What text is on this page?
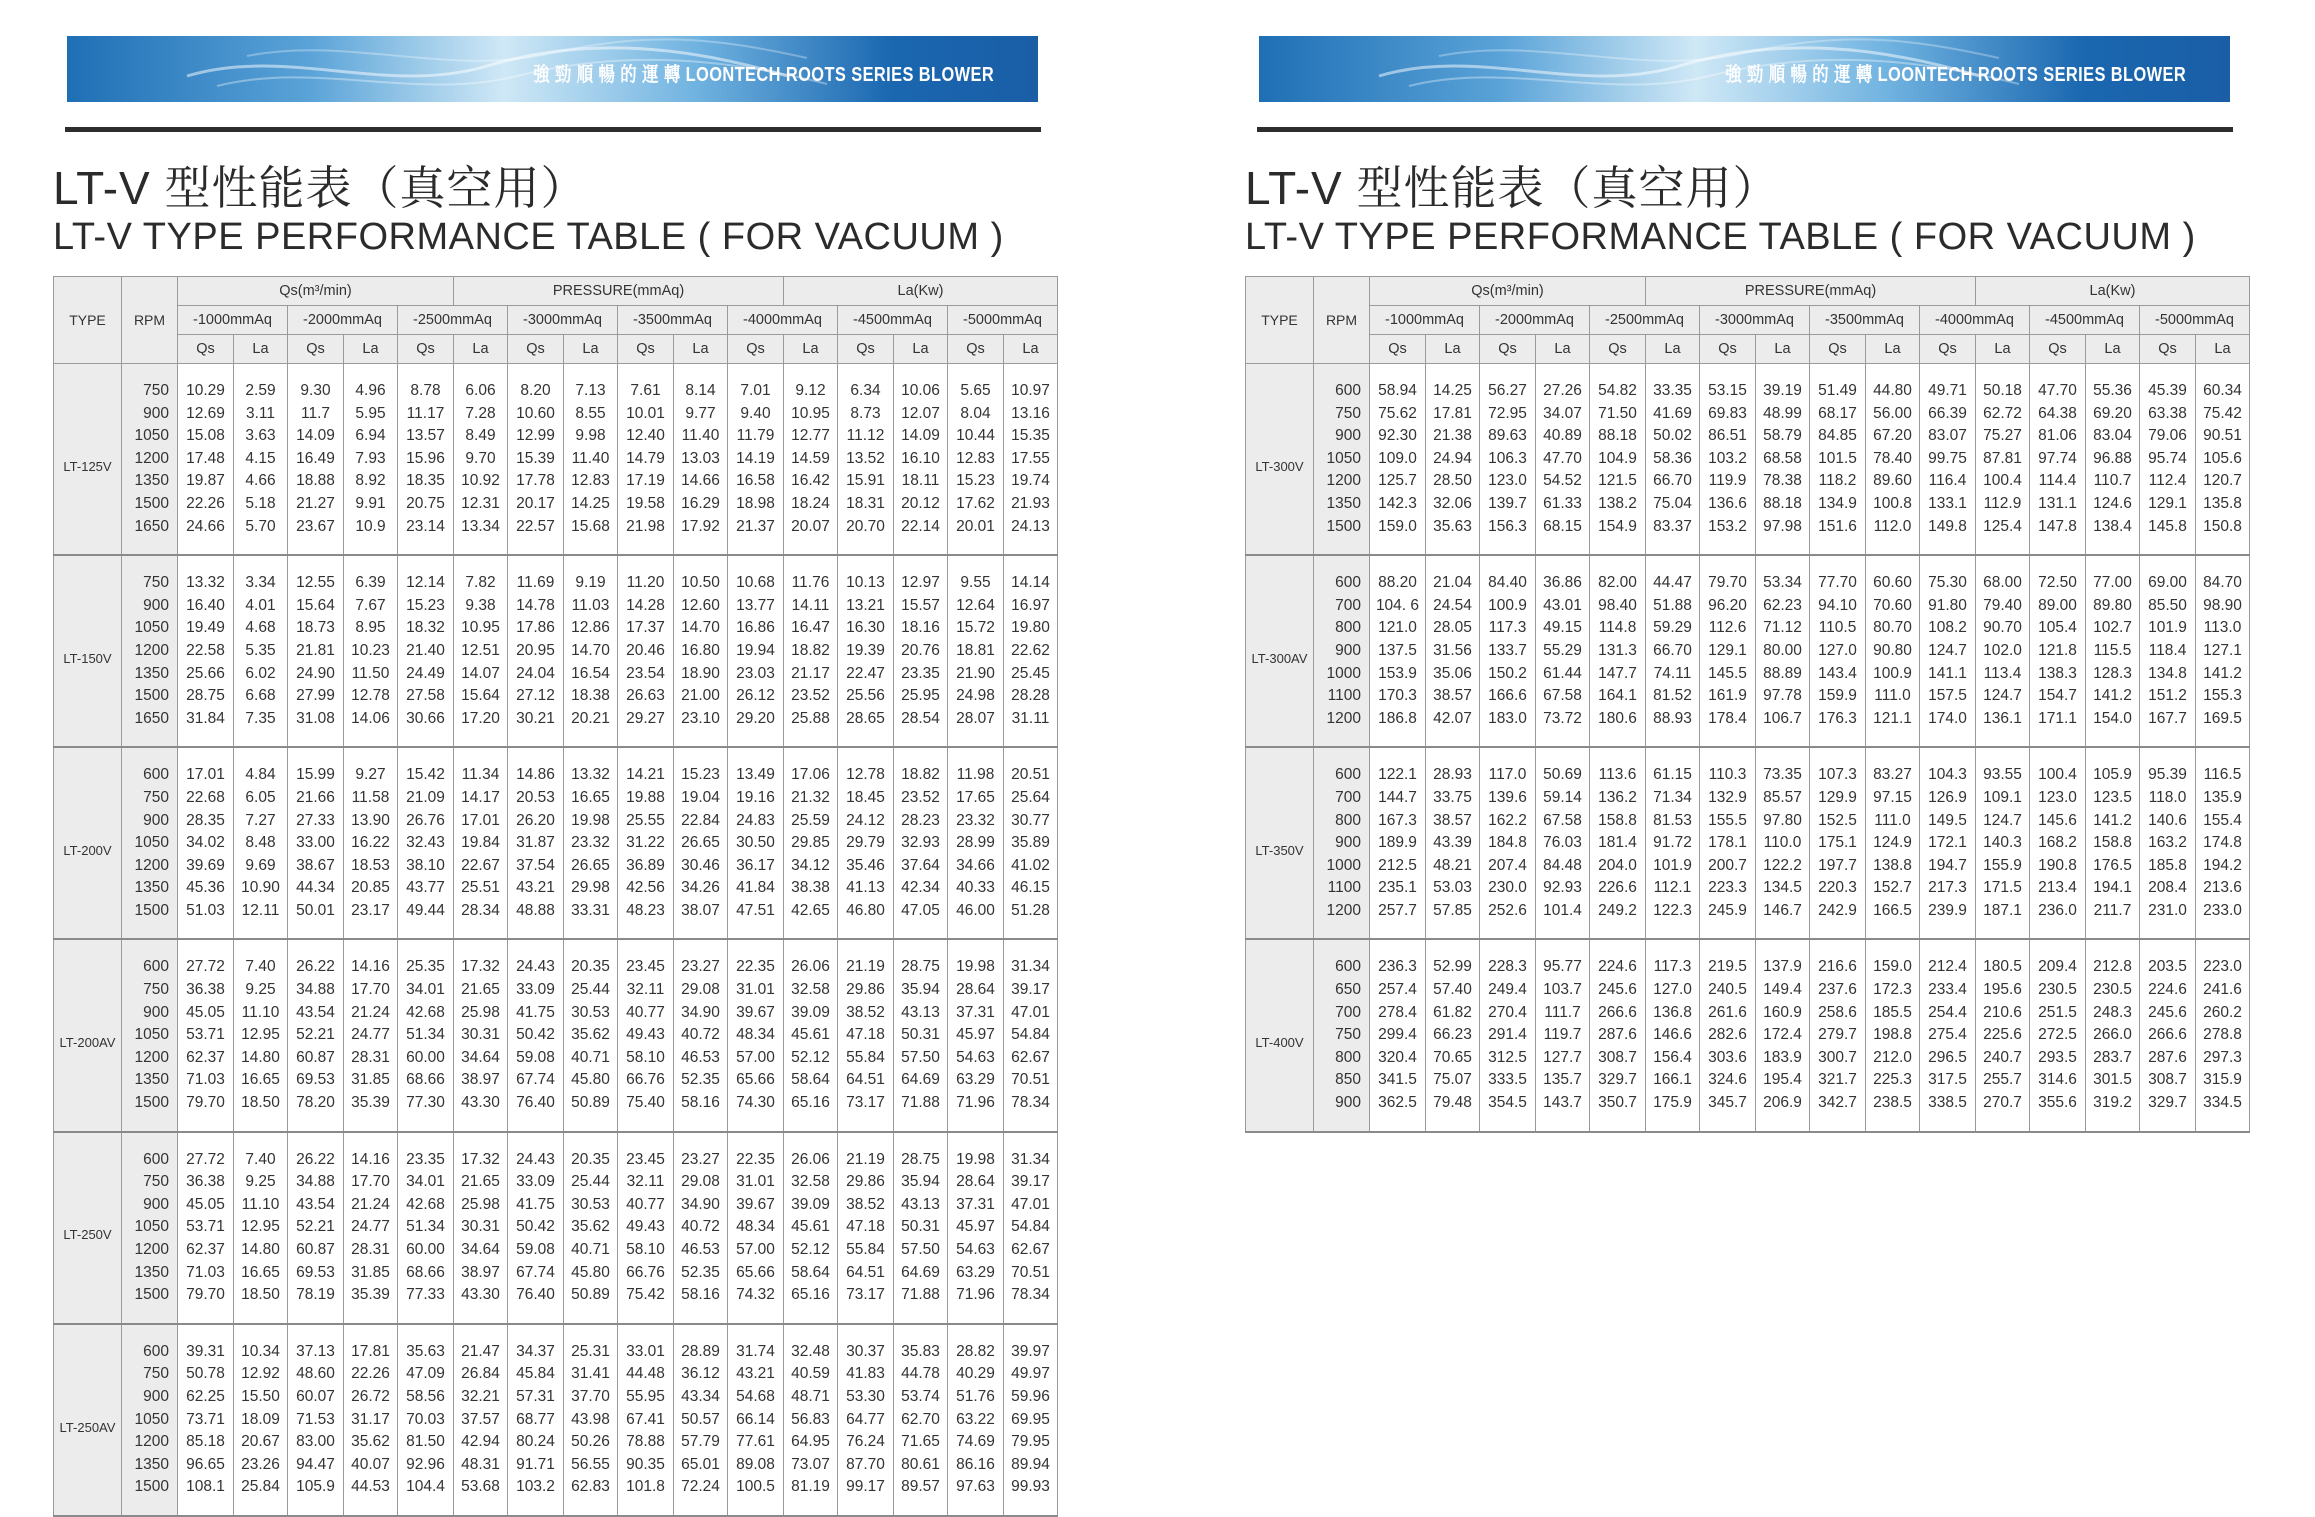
強 勁 順 暢 的 運 轉 LOONTECH ROOTS SERIES BLOWER
LT-V 型性能表（真空用）
LT-V TYPE PERFORMANCE TABLE ( FOR VACUUM )
TYPE	RPM	Qs(m³/min)					PRESSURE(mmAq)						La(Kw)				
		-1000mmAq		-2000mmAq		-2500mmAq		-3000mmAq		-3500mmAq		-4000mmAq		-4500mmAq		-5000mmAq	
		Qs	La	Qs	La	Qs	La	Qs	La	Qs	La	Qs	La	Qs	La	Qs	La
LT-125V	750	10.29	2.59	9.30	4.96	8.78	6.06	8.20	7.13	7.61	8.14	7.01	9.12	6.34	10.06	5.65	10.97
	900	12.69	3.11	11.7	5.95	11.17	7.28	10.60	8.55	10.01	9.77	9.40	10.95	8.73	12.07	8.04	13.16
	1050	15.08	3.63	14.09	6.94	13.57	8.49	12.99	9.98	12.40	11.40	11.79	12.77	11.12	14.09	10.44	15.35
	1200	17.48	4.15	16.49	7.93	15.96	9.70	15.39	11.40	14.79	13.03	14.19	14.59	13.52	16.10	12.83	17.55
	1350	19.87	4.66	18.88	8.92	18.35	10.92	17.78	12.83	17.19	14.66	16.58	16.42	15.91	18.11	15.23	19.74
	1500	22.26	5.18	21.27	9.91	20.75	12.31	20.17	14.25	19.58	16.29	18.98	18.24	18.31	20.12	17.62	21.93
	1650	24.66	5.70	23.67	10.9	23.14	13.34	22.57	15.68	21.98	17.92	21.37	20.07	20.70	22.14	20.01	24.13
LT-150V	750	13.32	3.34	12.55	6.39	12.14	7.82	11.69	9.19	11.20	10.50	10.68	11.76	10.13	12.97	9.55	14.14
	900	16.40	4.01	15.64	7.67	15.23	9.38	14.78	11.03	14.28	12.60	13.77	14.11	13.21	15.57	12.64	16.97
	1050	19.49	4.68	18.73	8.95	18.32	10.95	17.86	12.86	17.37	14.70	16.86	16.47	16.30	18.16	15.72	19.80
	1200	22.58	5.35	21.81	10.23	21.40	12.51	20.95	14.70	20.46	16.80	19.94	18.82	19.39	20.76	18.81	22.62
	1350	25.66	6.02	24.90	11.50	24.49	14.07	24.04	16.54	23.54	18.90	23.03	21.17	22.47	23.35	21.90	25.45
	1500	28.75	6.68	27.99	12.78	27.58	15.64	27.12	18.38	26.63	21.00	26.12	23.52	25.56	25.95	24.98	28.28
	1650	31.84	7.35	31.08	14.06	30.66	17.20	30.21	20.21	29.27	23.10	29.20	25.88	28.65	28.54	28.07	31.11
LT-200V	600	17.01	4.84	15.99	9.27	15.42	11.34	14.86	13.32	14.21	15.23	13.49	17.06	12.78	18.82	11.98	20.51
	750	22.68	6.05	21.66	11.58	21.09	14.17	20.53	16.65	19.88	19.04	19.16	21.32	18.45	23.52	17.65	25.64
	900	28.35	7.27	27.33	13.90	26.76	17.01	26.20	19.98	25.55	22.84	24.83	25.59	24.12	28.23	23.32	30.77
	1050	34.02	8.48	33.00	16.22	32.43	19.84	31.87	23.32	31.22	26.65	30.50	29.85	29.79	32.93	28.99	35.89
	1200	39.69	9.69	38.67	18.53	38.10	22.67	37.54	26.65	36.89	30.46	36.17	34.12	35.46	37.64	34.66	41.02
	1350	45.36	10.90	44.34	20.85	43.77	25.51	43.21	29.98	42.56	34.26	41.84	38.38	41.13	42.34	40.33	46.15
	1500	51.03	12.11	50.01	23.17	49.44	28.34	48.88	33.31	48.23	38.07	47.51	42.65	46.80	47.05	46.00	51.28
LT-200AV	600	27.72	7.40	26.22	14.16	25.35	17.32	24.43	20.35	23.45	23.27	22.35	26.06	21.19	28.75	19.98	31.34
	750	36.38	9.25	34.88	17.70	34.01	21.65	33.09	25.44	32.11	29.08	31.01	32.58	29.86	35.94	28.64	39.17
	900	45.05	11.10	43.54	21.24	42.68	25.98	41.75	30.53	40.77	34.90	39.67	39.09	38.52	43.13	37.31	47.01
	1050	53.71	12.95	52.21	24.77	51.34	30.31	50.42	35.62	49.43	40.72	48.34	45.61	47.18	50.31	45.97	54.84
	1200	62.37	14.80	60.87	28.31	60.00	34.64	59.08	40.71	58.10	46.53	57.00	52.12	55.84	57.50	54.63	62.67
	1350	71.03	16.65	69.53	31.85	68.66	38.97	67.74	45.80	66.76	52.35	65.66	58.64	64.51	64.69	63.29	70.51
	1500	79.70	18.50	78.20	35.39	77.30	43.30	76.40	50.89	75.40	58.16	74.30	65.16	73.17	71.88	71.96	78.34
LT-250V	600	27.72	7.40	26.22	14.16	23.35	17.32	24.43	20.35	23.45	23.27	22.35	26.06	21.19	28.75	19.98	31.34
	750	36.38	9.25	34.88	17.70	34.01	21.65	33.09	25.44	32.11	29.08	31.01	32.58	29.86	35.94	28.64	39.17
	900	45.05	11.10	43.54	21.24	42.68	25.98	41.75	30.53	40.77	34.90	39.67	39.09	38.52	43.13	37.31	47.01
	1050	53.71	12.95	52.21	24.77	51.34	30.31	50.42	35.62	49.43	40.72	48.34	45.61	47.18	50.31	45.97	54.84
	1200	62.37	14.80	60.87	28.31	60.00	34.64	59.08	40.71	58.10	46.53	57.00	52.12	55.84	57.50	54.63	62.67
	1350	71.03	16.65	69.53	31.85	68.66	38.97	67.74	45.80	66.76	52.35	65.66	58.64	64.51	64.69	63.29	70.51
	1500	79.70	18.50	78.19	35.39	77.33	43.30	76.40	50.89	75.42	58.16	74.32	65.16	73.17	71.88	71.96	78.34
LT-250AV	600	39.31	10.34	37.13	17.81	35.63	21.47	34.37	25.31	33.01	28.89	31.74	32.48	30.37	35.83	28.82	39.97
	750	50.78	12.92	48.60	22.26	47.09	26.84	45.84	31.41	44.48	36.12	43.21	40.59	41.83	44.78	40.29	49.97
	900	62.25	15.50	60.07	26.72	58.56	32.21	57.31	37.70	55.95	43.34	54.68	48.71	53.30	53.74	51.76	59.96
	1050	73.71	18.09	71.53	31.17	70.03	37.57	68.77	43.98	67.41	50.57	66.14	56.83	64.77	62.70	63.22	69.95
	1200	85.18	20.67	83.00	35.62	81.50	42.94	80.24	50.26	78.88	57.79	77.61	64.95	76.24	71.65	74.69	79.95
	1350	96.65	23.26	94.47	40.07	92.96	48.31	91.71	56.55	90.35	65.01	89.08	73.07	87.70	80.61	86.16	89.94
	1500	108.1	25.84	105.9	44.53	104.4	53.68	103.2	62.83	101.8	72.24	100.5	81.19	99.17	89.57	97.63	99.93
強 勁 順 暢 的 運 轉 LOONTECH ROOTS SERIES BLOWER
LT-V 型性能表（真空用）
LT-V TYPE PERFORMANCE TABLE ( FOR VACUUM )
TYPE	RPM	Qs(m³/min)					PRESSURE(mmAq)						La(Kw)				
		-1000mmAq		-2000mmAq		-2500mmAq		-3000mmAq		-3500mmAq		-4000mmAq		-4500mmAq		-5000mmAq	
		Qs	La	Qs	La	Qs	La	Qs	La	Qs	La	Qs	La	Qs	La	Qs	La
LT-300V	600	58.94	14.25	56.27	27.26	54.82	33.35	53.15	39.19	51.49	44.80	49.71	50.18	47.70	55.36	45.39	60.34
	750	75.62	17.81	72.95	34.07	71.50	41.69	69.83	48.99	68.17	56.00	66.39	62.72	64.38	69.20	63.38	75.42
	900	92.30	21.38	89.63	40.89	88.18	50.02	86.51	58.79	84.85	67.20	83.07	75.27	81.06	83.04	79.06	90.51
	1050	109.0	24.94	106.3	47.70	104.9	58.36	103.2	68.58	101.5	78.40	99.75	87.81	97.74	96.88	95.74	105.6
	1200	125.7	28.50	123.0	54.52	121.5	66.70	119.9	78.38	118.2	89.60	116.4	100.4	114.4	110.7	112.4	120.7
	1350	142.3	32.06	139.7	61.33	138.2	75.04	136.6	88.18	134.9	100.8	133.1	112.9	131.1	124.6	129.1	135.8
	1500	159.0	35.63	156.3	68.15	154.9	83.37	153.2	97.98	151.6	112.0	149.8	125.4	147.8	138.4	145.8	150.8
LT-300AV	600	88.20	21.04	84.40	36.86	82.00	44.47	79.70	53.34	77.70	60.60	75.30	68.00	72.50	77.00	69.00	84.70
	700	104. 6	24.54	100.9	43.01	98.40	51.88	96.20	62.23	94.10	70.60	91.80	79.40	89.00	89.80	85.50	98.90
	800	121.0	28.05	117.3	49.15	114.8	59.29	112.6	71.12	110.5	80.70	108.2	90.70	105.4	102.7	101.9	113.0
	900	137.5	31.56	133.7	55.29	131.3	66.70	129.1	80.00	127.0	90.80	124.7	102.0	121.8	115.5	118.4	127.1
	1000	153.9	35.06	150.2	61.44	147.7	74.11	145.5	88.89	143.4	100.9	141.1	113.4	138.3	128.3	134.8	141.2
	1100	170.3	38.57	166.6	67.58	164.1	81.52	161.9	97.78	159.9	111.0	157.5	124.7	154.7	141.2	151.2	155.3
	1200	186.8	42.07	183.0	73.72	180.6	88.93	178.4	106.7	176.3	121.1	174.0	136.1	171.1	154.0	167.7	169.5
LT-350V	600	122.1	28.93	117.0	50.69	113.6	61.15	110.3	73.35	107.3	83.27	104.3	93.55	100.4	105.9	95.39	116.5
	700	144.7	33.75	139.6	59.14	136.2	71.34	132.9	85.57	129.9	97.15	126.9	109.1	123.0	123.5	118.0	135.9
	800	167.3	38.57	162.2	67.58	158.8	81.53	155.5	97.80	152.5	111.0	149.5	124.7	145.6	141.2	140.6	155.4
	900	189.9	43.39	184.8	76.03	181.4	91.72	178.1	110.0	175.1	124.9	172.1	140.3	168.2	158.8	163.2	174.8
	1000	212.5	48.21	207.4	84.48	204.0	101.9	200.7	122.2	197.7	138.8	194.7	155.9	190.8	176.5	185.8	194.2
	1100	235.1	53.03	230.0	92.93	226.6	112.1	223.3	134.5	220.3	152.7	217.3	171.5	213.4	194.1	208.4	213.6
	1200	257.7	57.85	252.6	101.4	249.2	122.3	245.9	146.7	242.9	166.5	239.9	187.1	236.0	211.7	231.0	233.0
LT-400V	600	236.3	52.99	228.3	95.77	224.6	117.3	219.5	137.9	216.6	159.0	212.4	180.5	209.4	212.8	203.5	223.0
	650	257.4	57.40	249.4	103.7	245.6	127.0	240.5	149.4	237.6	172.3	233.4	195.6	230.5	230.5	224.6	241.6
	700	278.4	61.82	270.4	111.7	266.6	136.8	261.6	160.9	258.6	185.5	254.4	210.6	251.5	248.3	245.6	260.2
	750	299.4	66.23	291.4	119.7	287.6	146.6	282.6	172.4	279.7	198.8	275.4	225.6	272.5	266.0	266.6	278.8
	800	320.4	70.65	312.5	127.7	308.7	156.4	303.6	183.9	300.7	212.0	296.5	240.7	293.5	283.7	287.6	297.3
	850	341.5	75.07	333.5	135.7	329.7	166.1	324.6	195.4	321.7	225.3	317.5	255.7	314.6	301.5	308.7	315.9
	900	362.5	79.48	354.5	143.7	350.7	175.9	345.7	206.9	342.7	238.5	338.5	270.7	355.6	319.2	329.7	334.5
